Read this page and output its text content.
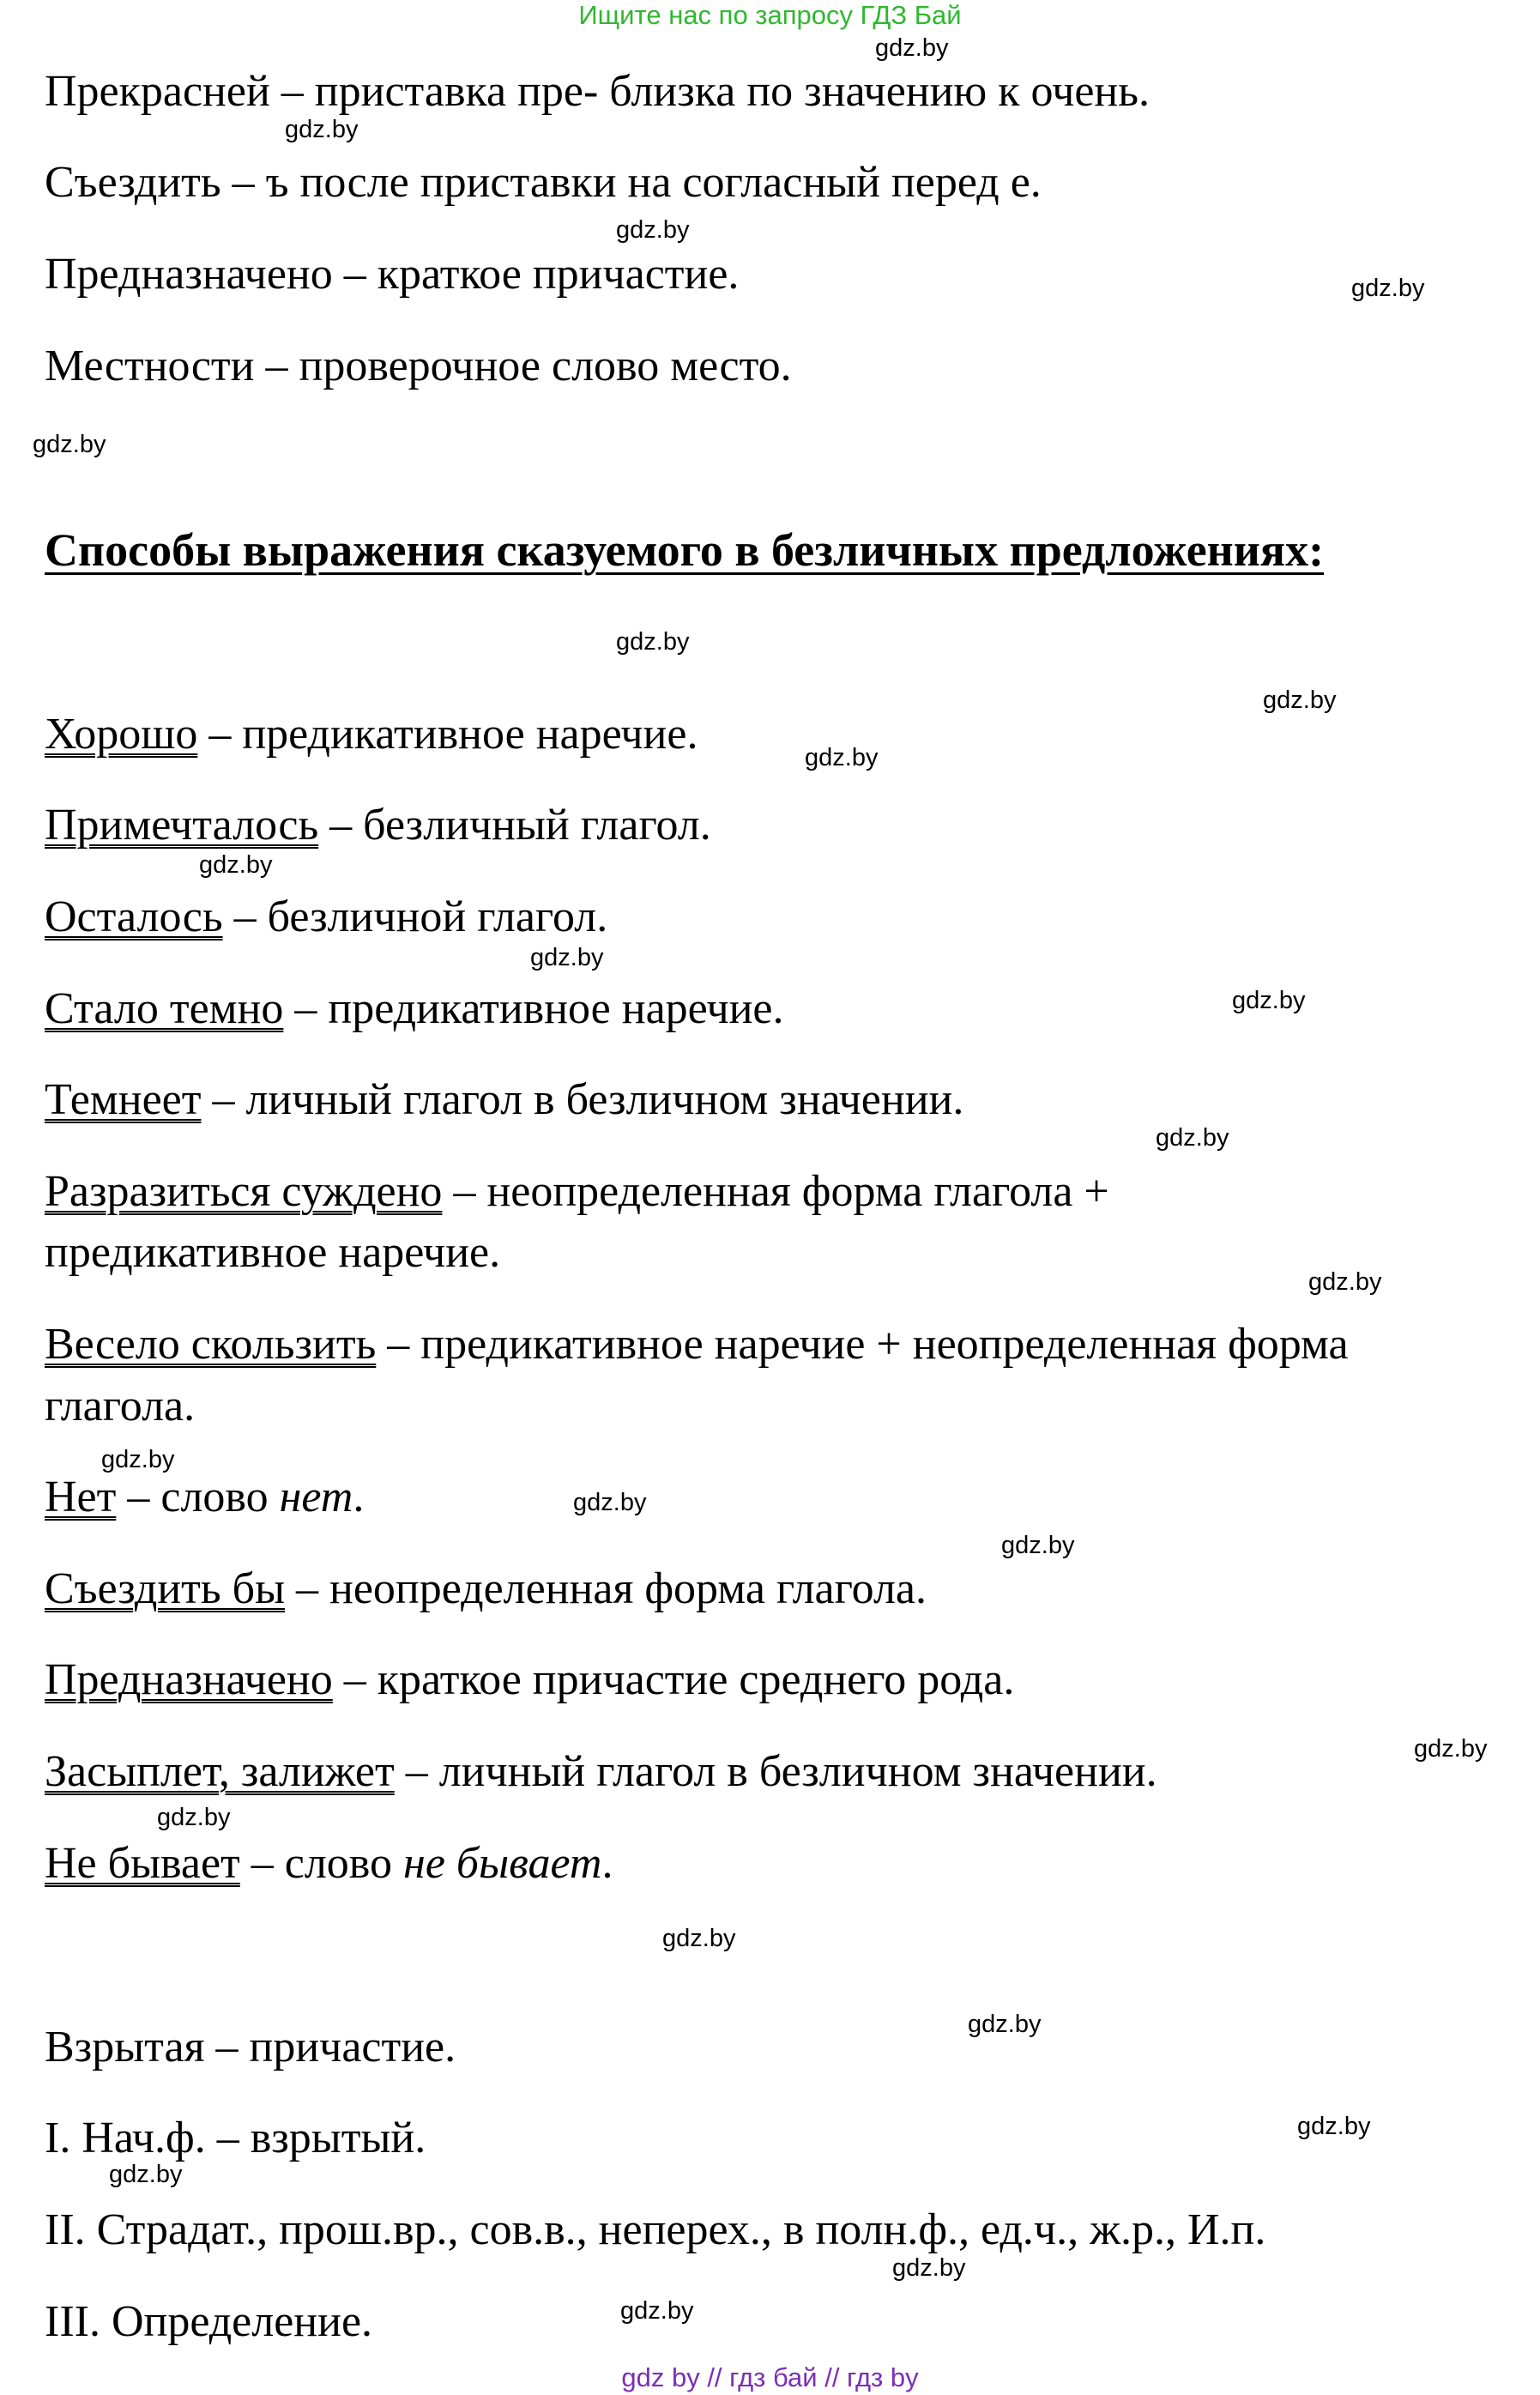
Ищите нас по запросу ГДЗ Бай
Прекрасней – приставка пре- близка по значению к очень.
Съездить – ъ после приставки на согласный перед е.
Предназначено – краткое причастие.
Местности – проверочное слово место.
Способы выражения сказуемого в безличных предложениях:
Хорошо – предикативное наречие.
Примечталось – безличный глагол.
Осталось – безличной глагол.
Стало темно – предикативное наречие.
Темнеет – личный глагол в безличном значении.
Разразиться суждено – неопределенная форма глагола +
предикативное наречие.
Весело скользить – предикативное наречие + неопределенная форма
глагола.
Нет – слово нет.
Съездить бы – неопределенная форма глагола.
Предназначено – краткое причастие среднего рода.
Засыплет, залижет – личный глагол в безличном значении.
Не бывает – слово не бывает.
Взрытая – причастие.
I. Нач.ф. – взрытый.
II. Страдат., прош.вр., сов.в., неперех., в полн.ф., ед.ч., ж.р., И.п.
III. Определение.
gdz.by
gdz.by
gdz.by
gdz.by
gdz.by
gdz.by
gdz.by
gdz.by
gdz.by
gdz.by
gdz.by
gdz.by
gdz.by
gdz.by
gdz.by
gdz.by
gdz.by
gdz.by
gdz.by
gdz.by
gdz.by
gdz.by
gdz.by
gdz.by
gdz by // гдз бай // гдз by
